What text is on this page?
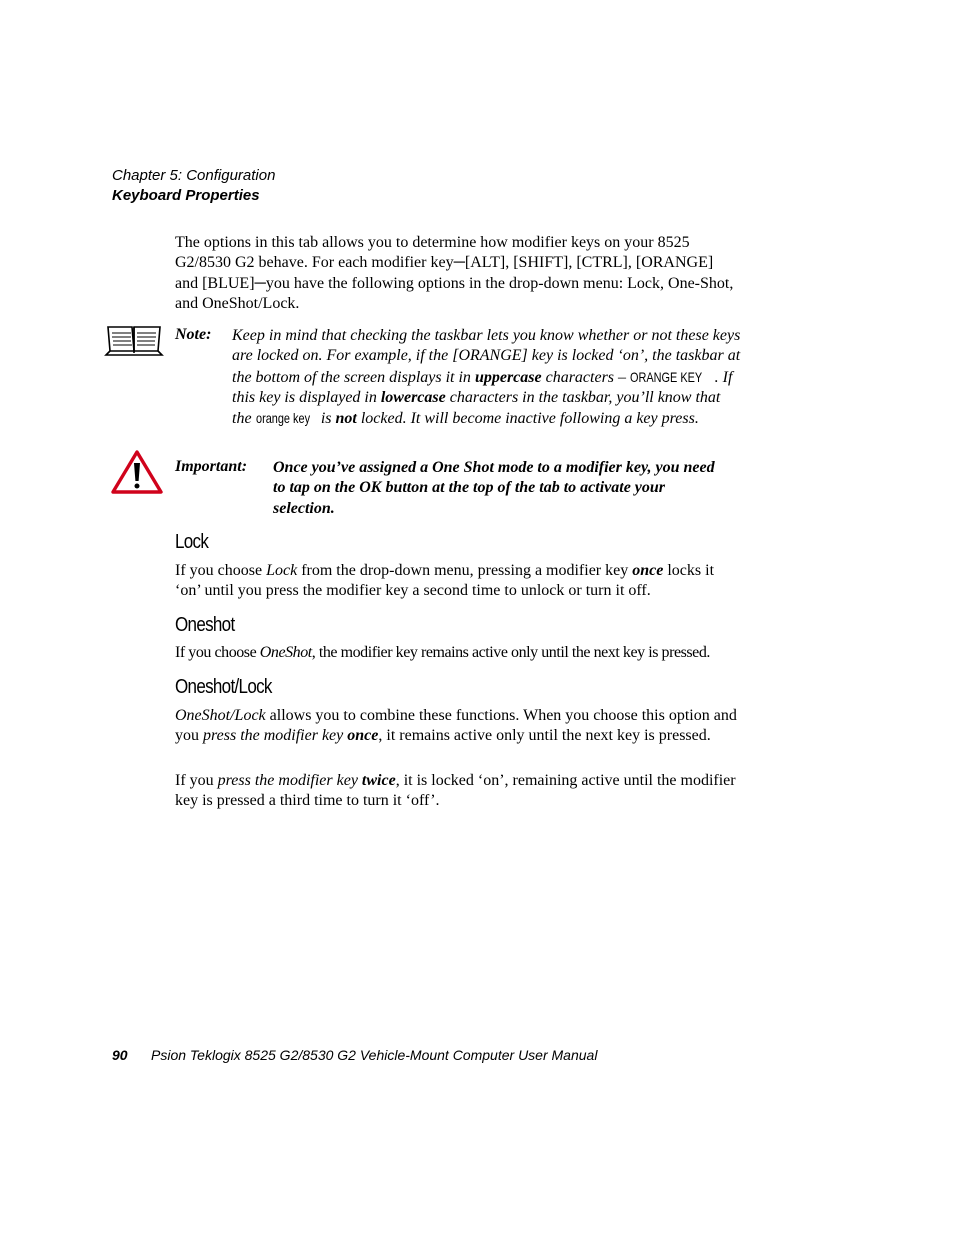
Chapter 5: Configuration
Keyboard Properties
The options in this tab allows you to determine how modifier keys on your 8525 G2/8530 G2 behave. For each modifier key─[ALT], [SHIFT], [CTRL], [ORANGE] and [BLUE]─you have the following options in the drop-down menu: Lock, One-Shot, and OneShot/Lock.
Note: Keep in mind that checking the taskbar lets you know whether or not these keys are locked on. For example, if the [ORANGE] key is locked ‘on’, the taskbar at the bottom of the screen displays it in uppercase characters – ORANGE KEY . If this key is displayed in lowercase characters in the taskbar, you’ll know that the orange key is not locked. It will become inactive following a key press.
Important: Once you’ve assigned a One Shot mode to a modifier key, you need to tap on the OK button at the top of the tab to activate your selection.
Lock
If you choose Lock from the drop-down menu, pressing a modifier key once locks it ‘on’ until you press the modifier key a second time to unlock or turn it off.
Oneshot
If you choose OneShot, the modifier key remains active only until the next key is pressed.
Oneshot/Lock
OneShot/Lock allows you to combine these functions. When you choose this option and you press the modifier key once, it remains active only until the next key is pressed.
If you press the modifier key twice, it is locked ‘on’, remaining active until the modifier key is pressed a third time to turn it ‘off’.
90 Psion Teklogix 8525 G2/8530 G2 Vehicle-Mount Computer User Manual
